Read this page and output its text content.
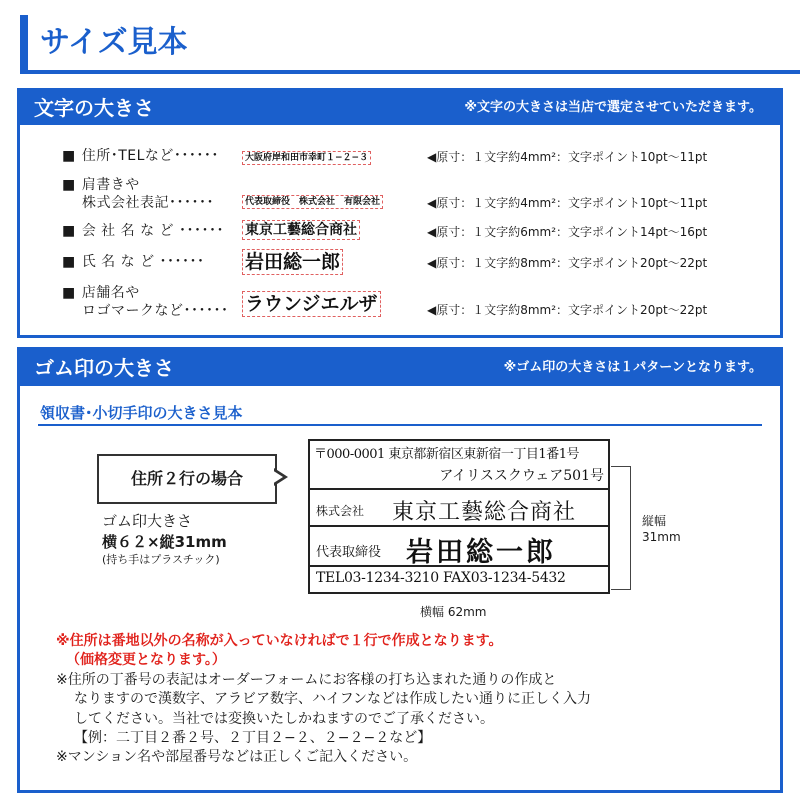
サイズ見本
文字の大きさ	※文字の大きさは当店で選定させていただきます。
■ 住所･TELなど･･････	大阪府岸和田市幸町１−２−３	◀原寸：１文字約4mm²：文字ポイント10pt〜11pt
■ 肩書きや
株式会社表記･･････	代表取締役　株式会社　有限会社	◀原寸：１文字約4mm²：文字ポイント10pt〜11pt
■ 会 社 名 な ど ･･････ 東京工藝総合商社	◀原寸：１文字約6mm²：文字ポイント14pt〜16pt
■ 氏 名 な ど ･･････ 岩田総一郎	◀原寸：１文字約8mm²：文字ポイント20pt〜22pt
■ 店舗名や
ロゴマークなど･･････ ラウンジエルザ	◀原寸：１文字約8mm²：文字ポイント20pt〜22pt
ゴム印の大きさ	※ゴム印の大きさは１パターンとなります。
領収書･小切手印の大きさ見本
住所２行の場合
ゴム印大きさ
横６２×縦31mm
(持ち手はプラスチック)
〒000-0001 東京都新宿区東新宿一丁目1番1号
アイリススクウェア501号
株式会社 東京工藝総合商社
代表取締役 岩田総一郎
TEL03-1234-3210 FAX03-1234-5432
縦幅
31mm
横幅 62mm
※住所は番地以外の名称が入っていなければで１行で作成となります。
（価格変更となります。）
※住所の丁番号の表記はオーダーフォームにお客様の打ち込まれた通りの作成と
なりますので漢数字、アラビア数字、ハイフンなどは作成したい通りに正しく入力
してください。当社では変換いたしかねますのでご了承ください。
【例：二丁目２番２号、２丁目２−２、２−２−２など】
※マンション名や部屋番号などは正しくご記入ください。
